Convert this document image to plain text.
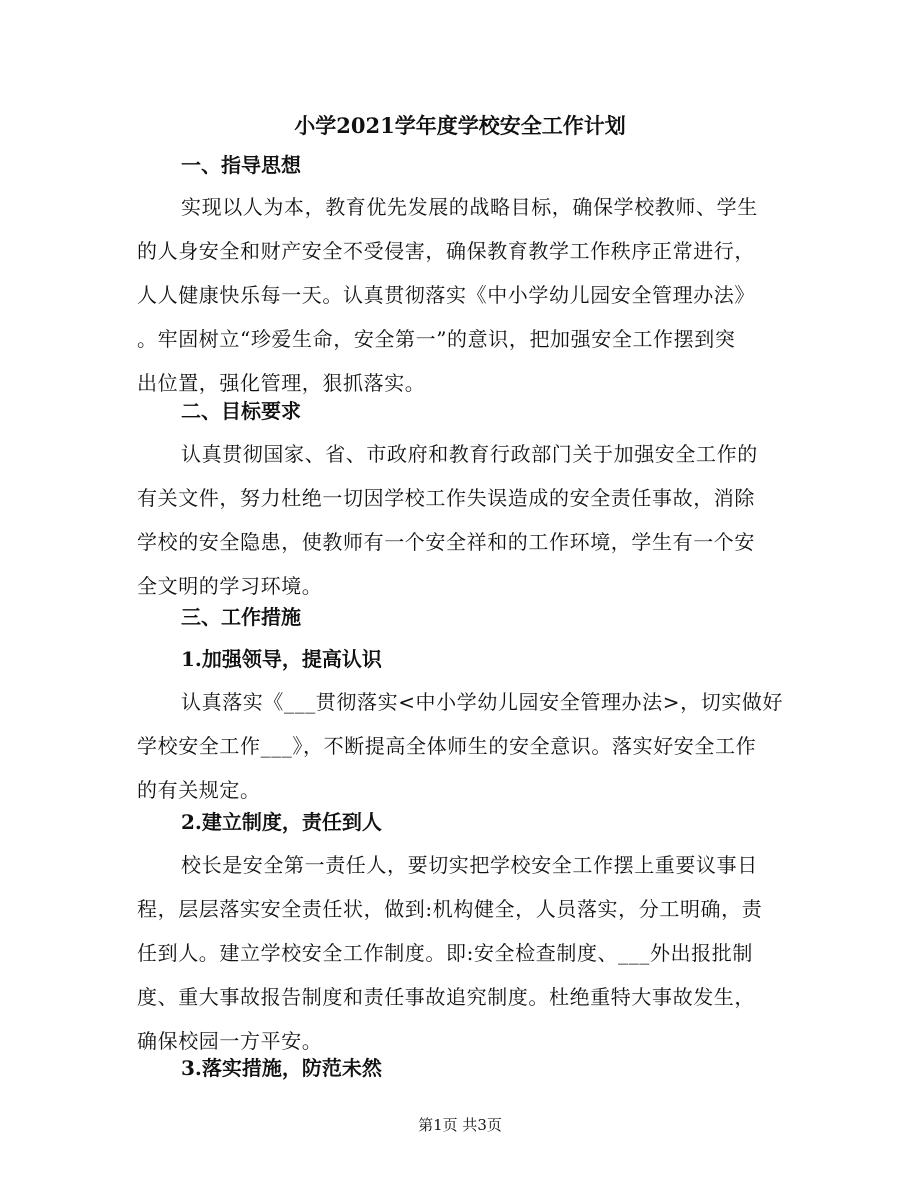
小学2021学年度学校安全工作计划
一、指导思想
实现以人为本，教育优先发展的战略目标，确保学校教师、学生
的人身安全和财产安全不受侵害，确保教育教学工作秩序正常进行，
人人健康快乐每一天。认真贯彻落实《中小学幼儿园安全管理办法》
。牢固树立“珍爱生命，安全第一”的意识，把加强安全工作摆到突
出位置，强化管理，狠抓落实。
二、目标要求
认真贯彻国家、省、市政府和教育行政部门关于加强安全工作的
有关文件，努力杜绝一切因学校工作失误造成的安全责任事故，消除
学校的安全隐患，使教师有一个安全祥和的工作环境，学生有一个安
全文明的学习环境。
三、工作措施
1.加强领导，提高认识
认真落实《___贯彻落实<中小学幼儿园安全管理办法>，切实做好
学校安全工作___》，不断提高全体师生的安全意识。落实好安全工作
的有关规定。
2.建立制度，责任到人
校长是安全第一责任人，要切实把学校安全工作摆上重要议事日
程，层层落实安全责任状，做到:机构健全，人员落实，分工明确，责
任到人。建立学校安全工作制度。即:安全检查制度、___外出报批制
度、重大事故报告制度和责任事故追究制度。杜绝重特大事故发生，
确保校园一方平安。
3.落实措施，防范未然
第1页 共3页
